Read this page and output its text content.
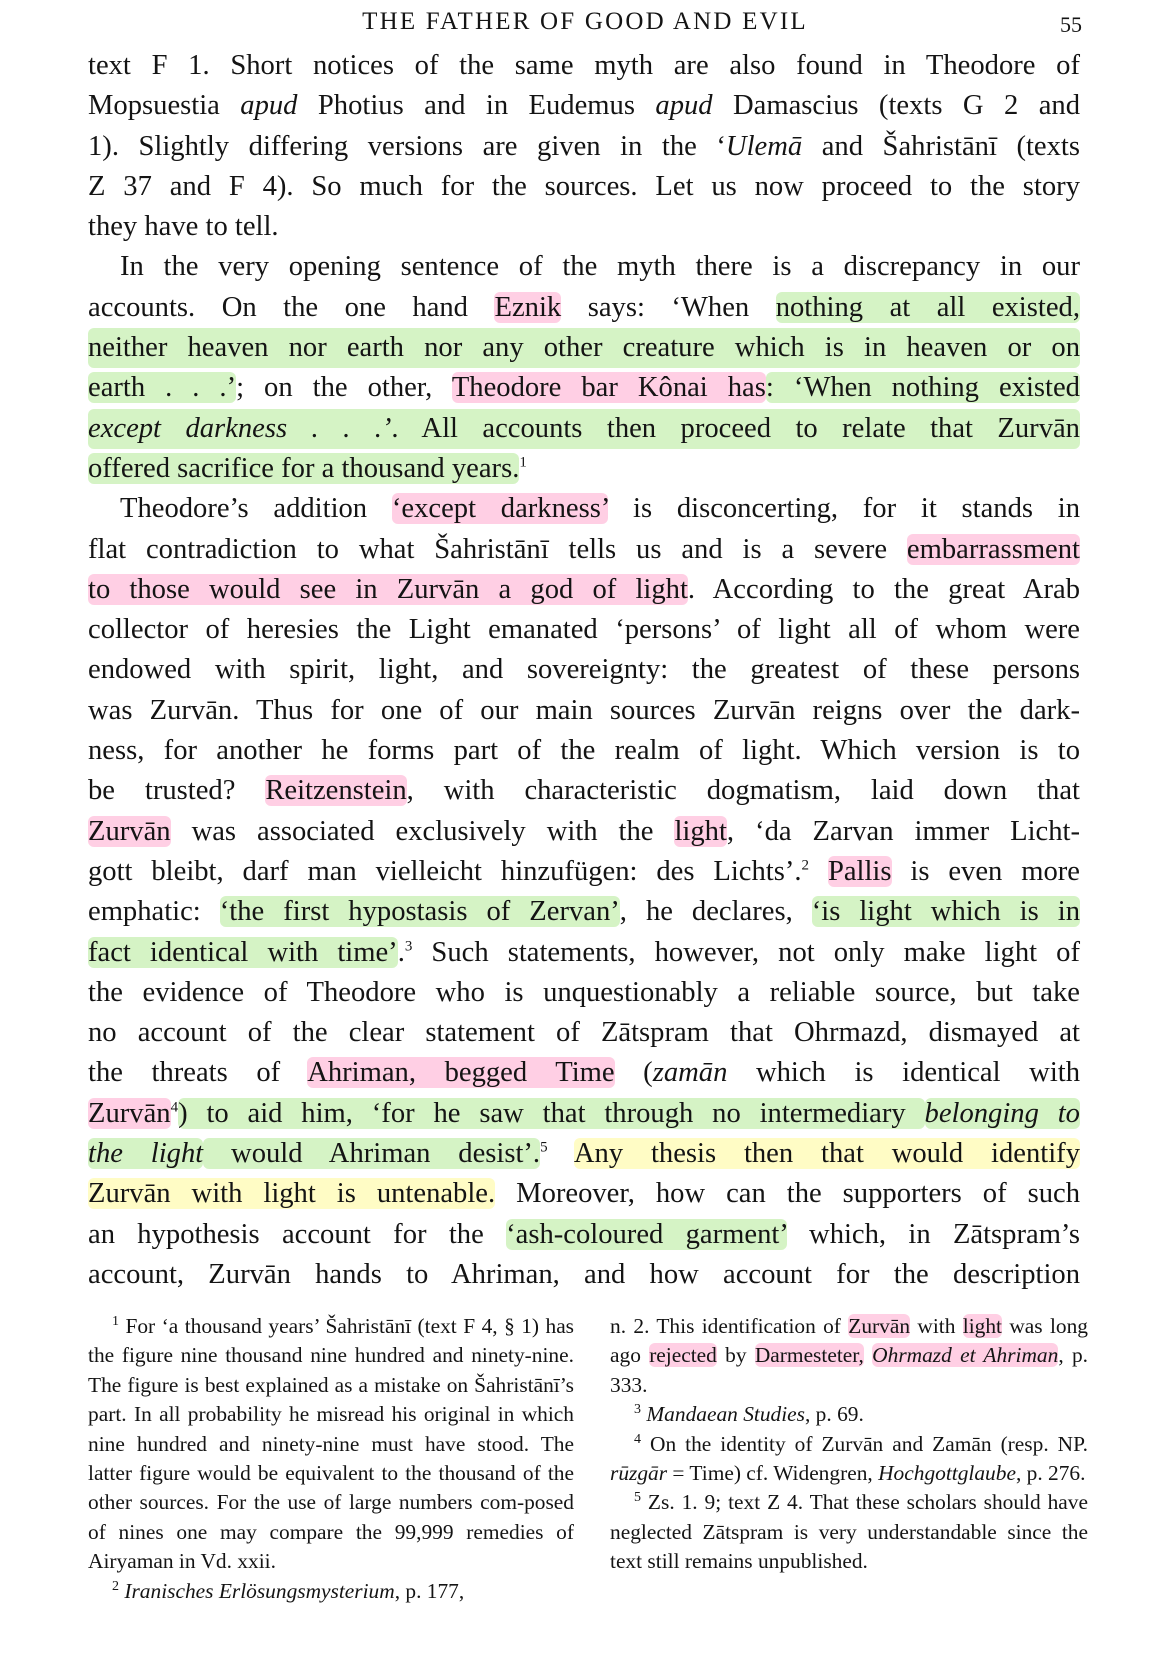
THE FATHER OF GOOD AND EVIL	55

text F 1. Short notices of the same myth are also found in Theodore of

Mopsuestia apud Photius and in Eudemus apud Damascius (texts G 2 and

1). Slightly differing versions are given in the ‘Ulemā and Šahristānī (texts

Z 37 and F 4). So much for the sources. Let us now proceed to the story

they have to tell.

In the very opening sentence of the myth there is a discrepancy in our

accounts. On the one hand Eznik says: ‘When nothing at all existed,

neither heaven nor earth nor any other creature which is in heaven or on

earth . . .’; on the other, Theodore bar Kônai has: ‘When nothing existed

except darkness . . .’. All accounts then proceed to relate that Zurvān

offered sacrifice for a thousand years.$^1$

Theodore’s addition ‘except darkness’ is disconcerting, for it stands in

flat contradiction to what Šahristānī tells us and is a severe embarrassment

to those would see in Zurvān a god of light. According to the great Arab

collector of heresies the Light emanated ‘persons’ of light all of whom were

endowed with spirit, light, and sovereignty: the greatest of these persons

was Zurvān. Thus for one of our main sources Zurvān reigns over the dark-

ness, for another he forms part of the realm of light. Which version is to

be trusted? Reitzenstein, with characteristic dogmatism, laid down that

Zurvān was associated exclusively with the light, ‘da Zarvan immer Licht-

gott bleibt, darf man vielleicht hinzufügen: des Lichts’.$^2$ Pallis is even more

emphatic: ‘the first hypostasis of Zervan’, he declares, ‘is light which is in

fact identical with time’.$^3$ Such statements, however, not only make light of

the evidence of Theodore who is unquestionably a reliable source, but take

no account of the clear statement of Zātspram that Ohrmazd, dismayed at

the threats of Ahriman, begged Time (zamān which is identical with

Zurvān$^4$) to aid him, ‘for he saw that through no intermediary belonging to

the light would Ahriman desist’.$^5$ Any thesis then that would identify

Zurvān with light is untenable. Moreover, how can the supporters of such

an hypothesis account for the ‘ash-coloured garment’ which, in Zātspram’s

account, Zurvān hands to Ahriman, and how account for the description

$^1$ For ‘a thousand years’ Šahristānī (text F 4, § 1) has the figure nine thousand nine hundred and ninety-nine. The figure is best explained as a mistake on Šahristānī’s part. In all probability he misread his original in which nine hundred and ninety-nine must have stood. The latter figure would be equivalent to the thousand of the other sources. For the use of large numbers com-posed of nines one may compare the 99,999 remedies of Airyaman in Vd. xxii.

$^2$ Iranisches Erlösungsmysterium, p. 177,

n. 2. This identification of Zurvān with light was long ago rejected by Darmesteter, Ohrmazd et Ahriman, p. 333.

$^3$ Mandaean Studies, p. 69.

$^4$ On the identity of Zurvān and Zamān (resp. NP. rūzgār = Time) cf. Widengren, Hochgottglaube, p. 276.

$^5$ Zs. 1. 9; text Z 4. That these scholars should have neglected Zātspram is very understandable since the text still remains unpublished.
